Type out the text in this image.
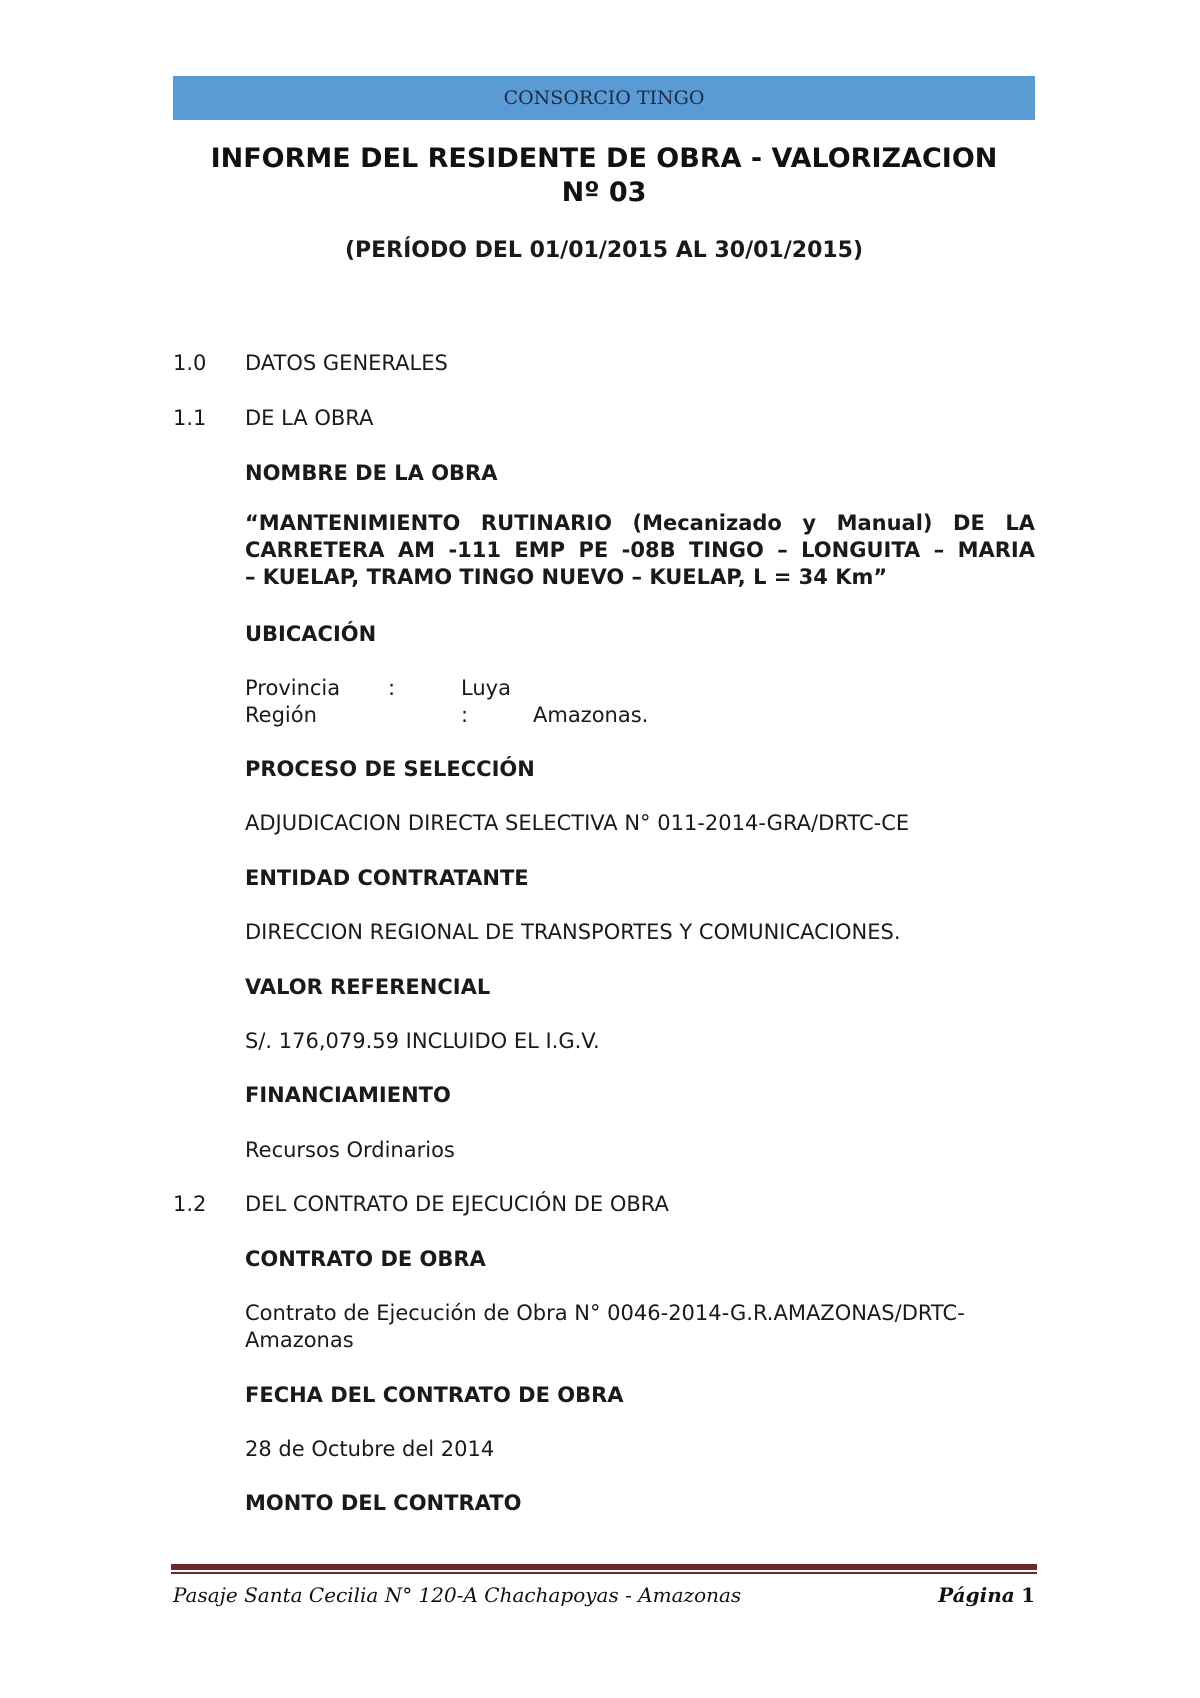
CONSORCIO TINGO
INFORME DEL RESIDENTE DE OBRA - VALORIZACION
Nº 03
(PERÍODO DEL 01/01/2015 AL 30/01/2015)
1.0 DATOS GENERALES
1.1 DE LA OBRA
NOMBRE DE LA OBRA
“MANTENIMIENTO RUTINARIO (Mecanizado y Manual) DE LA
CARRETERA AM -111 EMP PE -08B TINGO – LONGUITA – MARIA
– KUELAP, TRAMO TINGO NUEVO – KUELAP, L = 34 Km”
UBICACIÓN
Provincia :	Luya
Región	:	Amazonas.
PROCESO DE SELECCIÓN
ADJUDICACION DIRECTA SELECTIVA N° 011-2014-GRA/DRTC-CE
ENTIDAD CONTRATANTE
DIRECCION REGIONAL DE TRANSPORTES Y COMUNICACIONES.
VALOR REFERENCIAL
S/. 176,079.59 INCLUIDO EL I.G.V.
FINANCIAMIENTO
Recursos Ordinarios
1.2 DEL CONTRATO DE EJECUCIÓN DE OBRA
CONTRATO DE OBRA
Contrato de Ejecución de Obra N° 0046-2014-G.R.AMAZONAS/DRTC-
Amazonas
FECHA DEL CONTRATO DE OBRA
28 de Octubre del 2014
MONTO DEL CONTRATO
Pasaje Santa Cecilia N° 120-A Chachapoyas - Amazonas	Página 1
